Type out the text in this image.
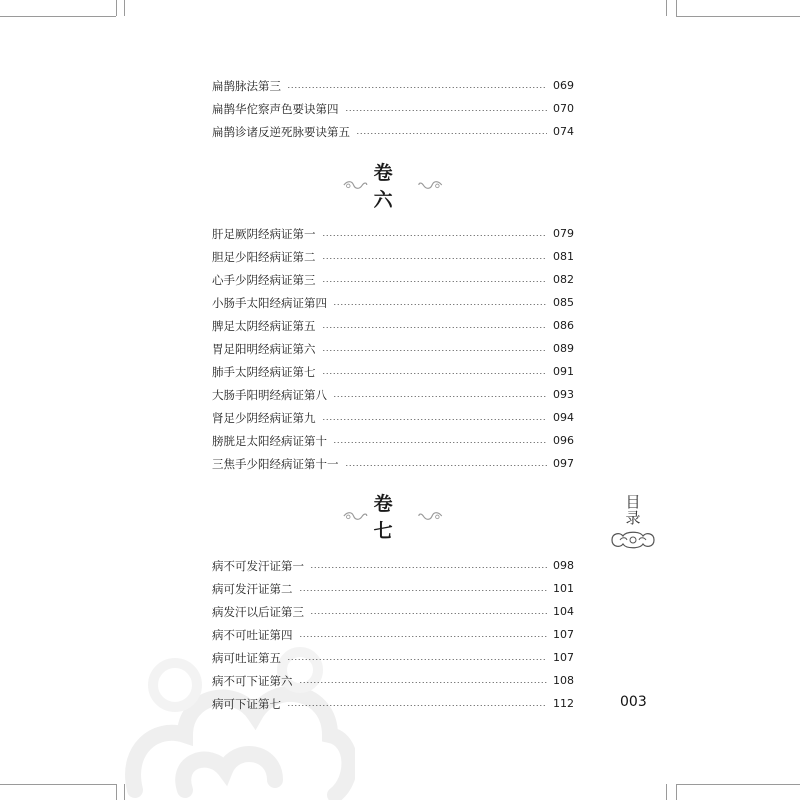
扁鹊脉法第三	069
扁鹊华佗察声色要诀第四	070
扁鹊诊诸反逆死脉要诀第五	074
卷六
肝足厥阴经病证第一	079
胆足少阳经病证第二	081
心手少阴经病证第三	082
小肠手太阳经病证第四	085
脾足太阴经病证第五	086
胃足阳明经病证第六	089
肺手太阴经病证第七	091
大肠手阳明经病证第八	093
肾足少阴经病证第九	094
膀胱足太阳经病证第十	096
三焦手少阳经病证第十一	097
卷七
病不可发汗证第一	098
病可发汗证第二	101
病发汗以后证第三	104
病不可吐证第四	107
病可吐证第五	107
病不可下证第六	108
病可下证第七	112
目
录
003
